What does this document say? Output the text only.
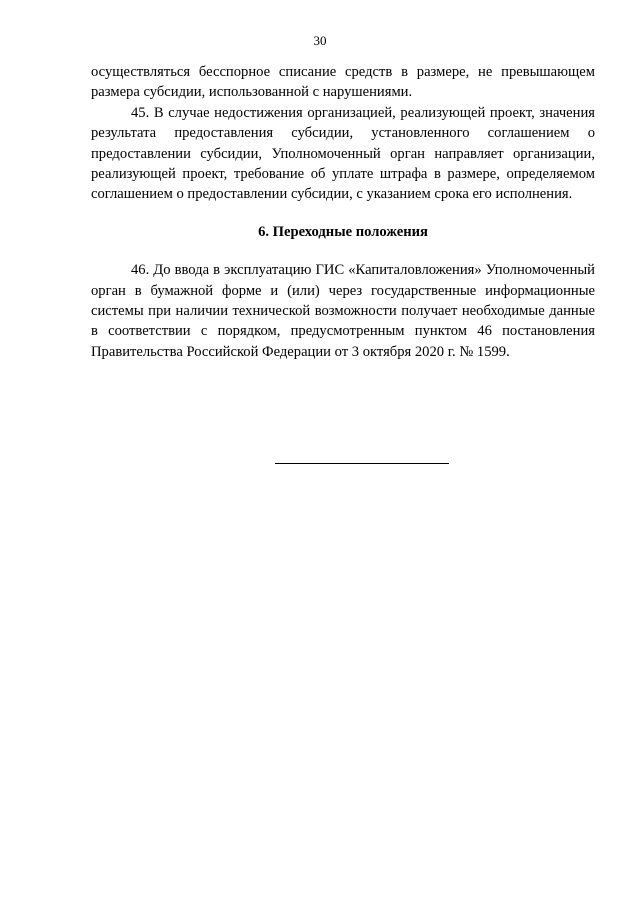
30

осуществляться бесспорное списание средств в размере, не превышающем размера субсидии, использованной с нарушениями.

45. В случае недостижения организацией, реализующей проект, значения результата предоставления субсидии, установленного соглашением о предоставлении субсидии, Уполномоченный орган направляет организации, реализующей проект, требование об уплате штрафа в размере, определяемом соглашением о предоставлении субсидии, с указанием срока его исполнения.

6. Переходные положения

46. До ввода в эксплуатацию ГИС «Капиталовложения» Уполномоченный орган в бумажной форме и (или) через государственные информационные системы при наличии технической возможности получает необходимые данные в соответствии с порядком, предусмотренным пунктом 46 постановления Правительства Российской Федерации от 3 октября 2020 г. № 1599.
